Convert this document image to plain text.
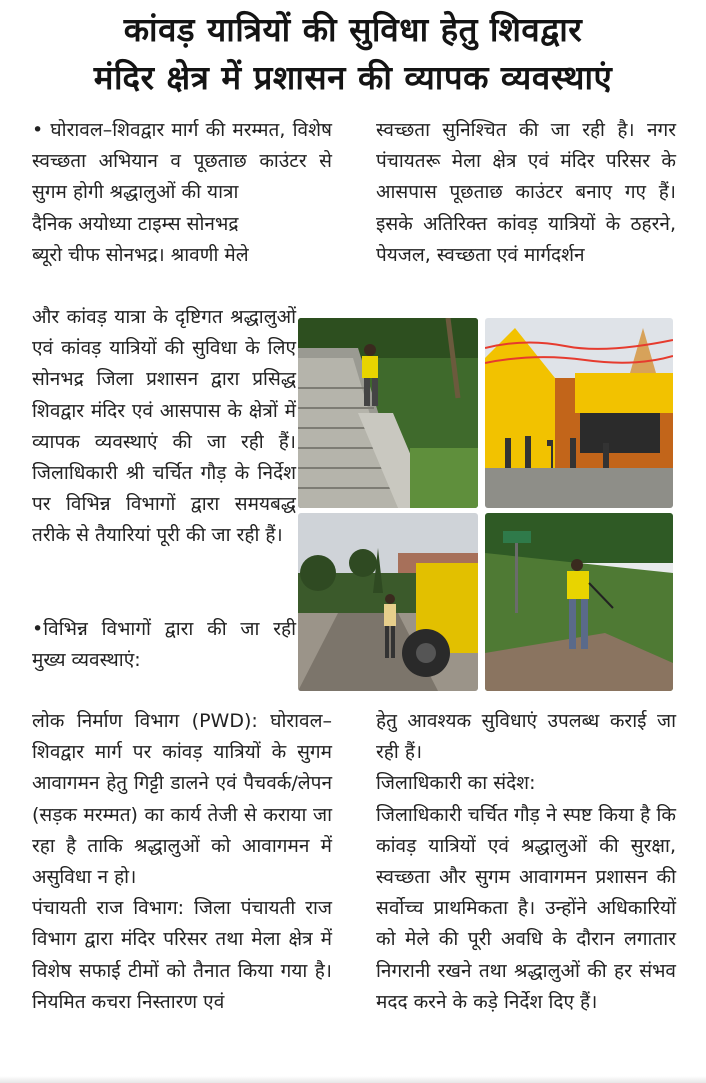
कांवड़ यात्रियों की सुविधा हेतु शिवद्वार
मंदिर क्षेत्र में प्रशासन की व्यापक व्यवस्थाएं

• घोरावल–शिवद्वार मार्ग की मरम्मत, विशेष स्वच्छता अभियान व पूछताछ काउंटर से सुगम होगी श्रद्धालुओं की यात्रा

दैनिक अयोध्या टाइम्स सोनभद्र

ब्यूरो चीफ सोनभद्र। श्रावणी मेले

और कांवड़ यात्रा के दृष्टिगत श्रद्धालुओं एवं कांवड़ यात्रियों की सुविधा के लिए सोनभद्र जिला प्रशासन द्वारा प्रसिद्ध शिवद्वार मंदिर एवं आसपास के क्षेत्रों में व्यापक व्यवस्थाएं की जा रही हैं। जिलाधिकारी श्री चर्चित गौड़ के निर्देश पर विभिन्न विभागों द्वारा समयबद्ध तरीके से तैयारियां पूरी की जा रही हैं।

•विभिन्न विभागों द्वारा की जा रही मुख्य व्यवस्थाएं:

लोक निर्माण विभाग (PWD): घोरावल–शिवद्वार मार्ग पर कांवड़ यात्रियों के सुगम आवागमन हेतु गिट्टी डालने एवं पैचवर्क/लेपन (सड़क मरम्मत) का कार्य तेजी से कराया जा रहा है ताकि श्रद्धालुओं को आवागमन में असुविधा न हो।

पंचायती राज विभाग: जिला पंचायती राज विभाग द्वारा मंदिर परिसर तथा मेला क्षेत्र में विशेष सफाई टीमों को तैनात किया गया है। नियमित कचरा निस्तारण एवं

स्वच्छता सुनिश्चित की जा रही है। नगर पंचायतरू मेला क्षेत्र एवं मंदिर परिसर के आसपास पूछताछ काउंटर बनाए गए हैं। इसके अतिरिक्त कांवड़ यात्रियों के ठहरने, पेयजल, स्वच्छता एवं मार्गदर्शन

हेतु आवश्यक सुविधाएं उपलब्ध कराई जा रही हैं।

जिलाधिकारी का संदेश:

जिलाधिकारी चर्चित गौड़ ने स्पष्ट किया है कि कांवड़ यात्रियों एवं श्रद्धालुओं की सुरक्षा, स्वच्छता और सुगम आवागमन प्रशासन की सर्वोच्च प्राथमिकता है। उन्होंने अधिकारियों को मेले की पूरी अवधि के दौरान लगातार निगरानी रखने तथा श्रद्धालुओं की हर संभव मदद करने के कड़े निर्देश दिए हैं।
